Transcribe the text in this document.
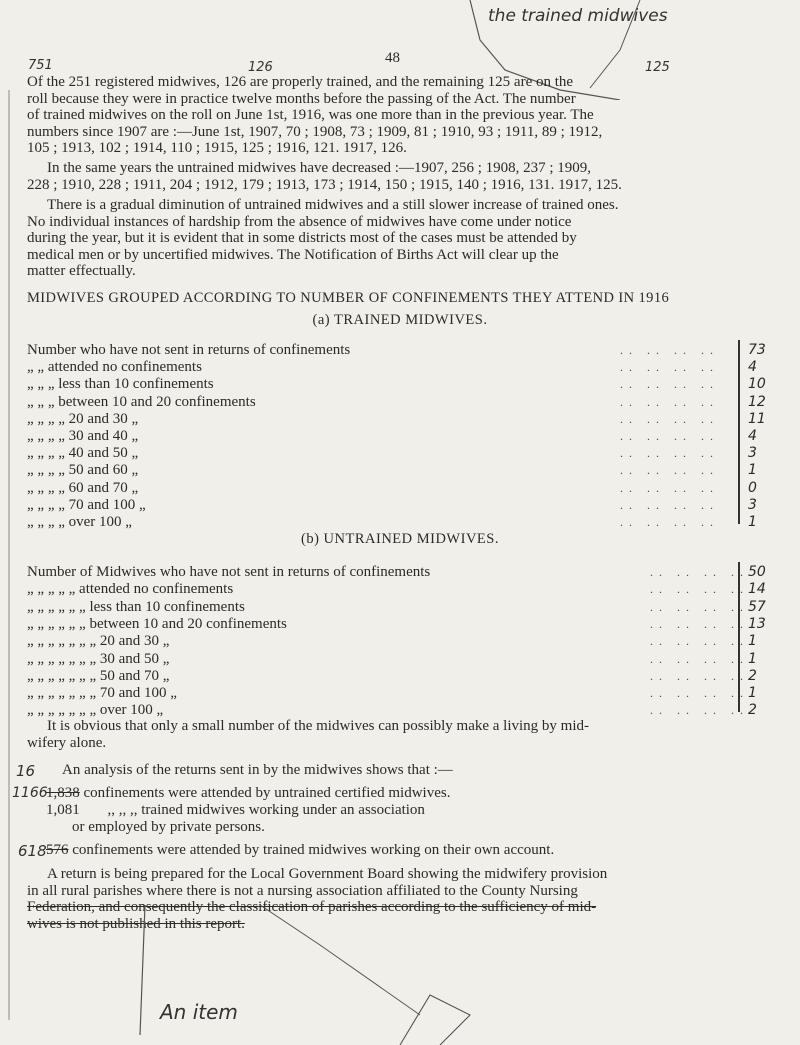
the trained midwives
751	48
126	125
Of the 251 registered midwives, 126 are properly trained, and the remaining 125 are on the
roll because they were in practice twelve months before the passing of the Act. The number
of trained midwives on the roll on June 1st, 1916, was one more than in the previous year. The
numbers since 1907 are :—June 1st, 1907, 70 ; 1908, 73 ; 1909, 81 ; 1910, 93 ; 1911, 89 ; 1912,
105 ; 1913, 102 ; 1914, 110 ; 1915, 125 ; 1916, 121. 1917, 126.
In the same years the untrained midwives have decreased :—1907, 256 ; 1908, 237 ; 1909,
228 ; 1910, 228 ; 1911, 204 ; 1912, 179 ; 1913, 173 ; 1914, 150 ; 1915, 140 ; 1916, 131. 1917, 125.
There is a gradual diminution of untrained midwives and a still slower increase of trained ones.
No individual instances of hardship from the absence of midwives have come under notice
during the year, but it is evident that in some districts most of the cases must be attended by
medical men or by uncertified midwives. The Notification of Births Act will clear up the
matter effectually.
MIDWIVES GROUPED ACCORDING TO NUMBER OF CONFINEMENTS THEY ATTEND IN 1916
(a) TRAINED MIDWIVES.
Number who have not sent in returns of confinements	.. .. .. .. 73
„ „ attended no confinements	.. .. .. .. 4
„ „ „ less than 10 confinements	.. .. .. .. 10
„ „ „ between 10 and 20 confinements	.. .. .. .. 12
„ „ „ „ 20 and 30 „	.. .. .. .. 11
„ „ „ „ 30 and 40 „	.. .. .. .. 4
„ „ „ „ 40 and 50 „	.. .. .. .. 3
„ „ „ „ 50 and 60 „	.. .. .. .. 1
„ „ „ „ 60 and 70 „	.. .. .. .. 0
„ „ „ „ 70 and 100 „	.. .. .. .. 3
„ „ „ „ over 100 „	.. .. .. .. 1
(b) UNTRAINED MIDWIVES.
Number of Midwives who have not sent in returns of confinements	.. .. .. .. 50
„ „ „ „ „ attended no confinements	.. .. .. .. 14
„ „ „ „ „ „ less than 10 confinements	.. .. .. .. 57
„ „ „ „ „ „ between 10 and 20 confinements	.. .. .. .. 13
„ „ „ „ „ „ „ 20 and 30 „	.. .. .. .. 1
„ „ „ „ „ „ „ 30 and 50 „	.. .. .. .. 1
„ „ „ „ „ „ „ 50 and 70 „	.. .. .. .. 2
„ „ „ „ „ „ „ 70 and 100 „	.. .. .. .. 1
„ „ „ „ „ „ „ over 100 „	.. .. .. .. 2
It is obvious that only a small number of the midwives can possibly make a living by mid-
wifery alone.
16 An analysis of the returns sent in by the midwives shows that :—
1166
1,838 confinements were attended by untrained certified midwives.
1,081 ,, ,, ,, trained midwives working under an association
or employed by private persons.
618 576 confinements were attended by trained midwives working on their own account.
A return is being prepared for the Local Government Board showing the midwifery provision
in all rural parishes where there is not a nursing association affiliated to the County Nursing
Federation, and consequently the classification of parishes according to the sufficiency of mid-
wives is not published in this report.
An item
